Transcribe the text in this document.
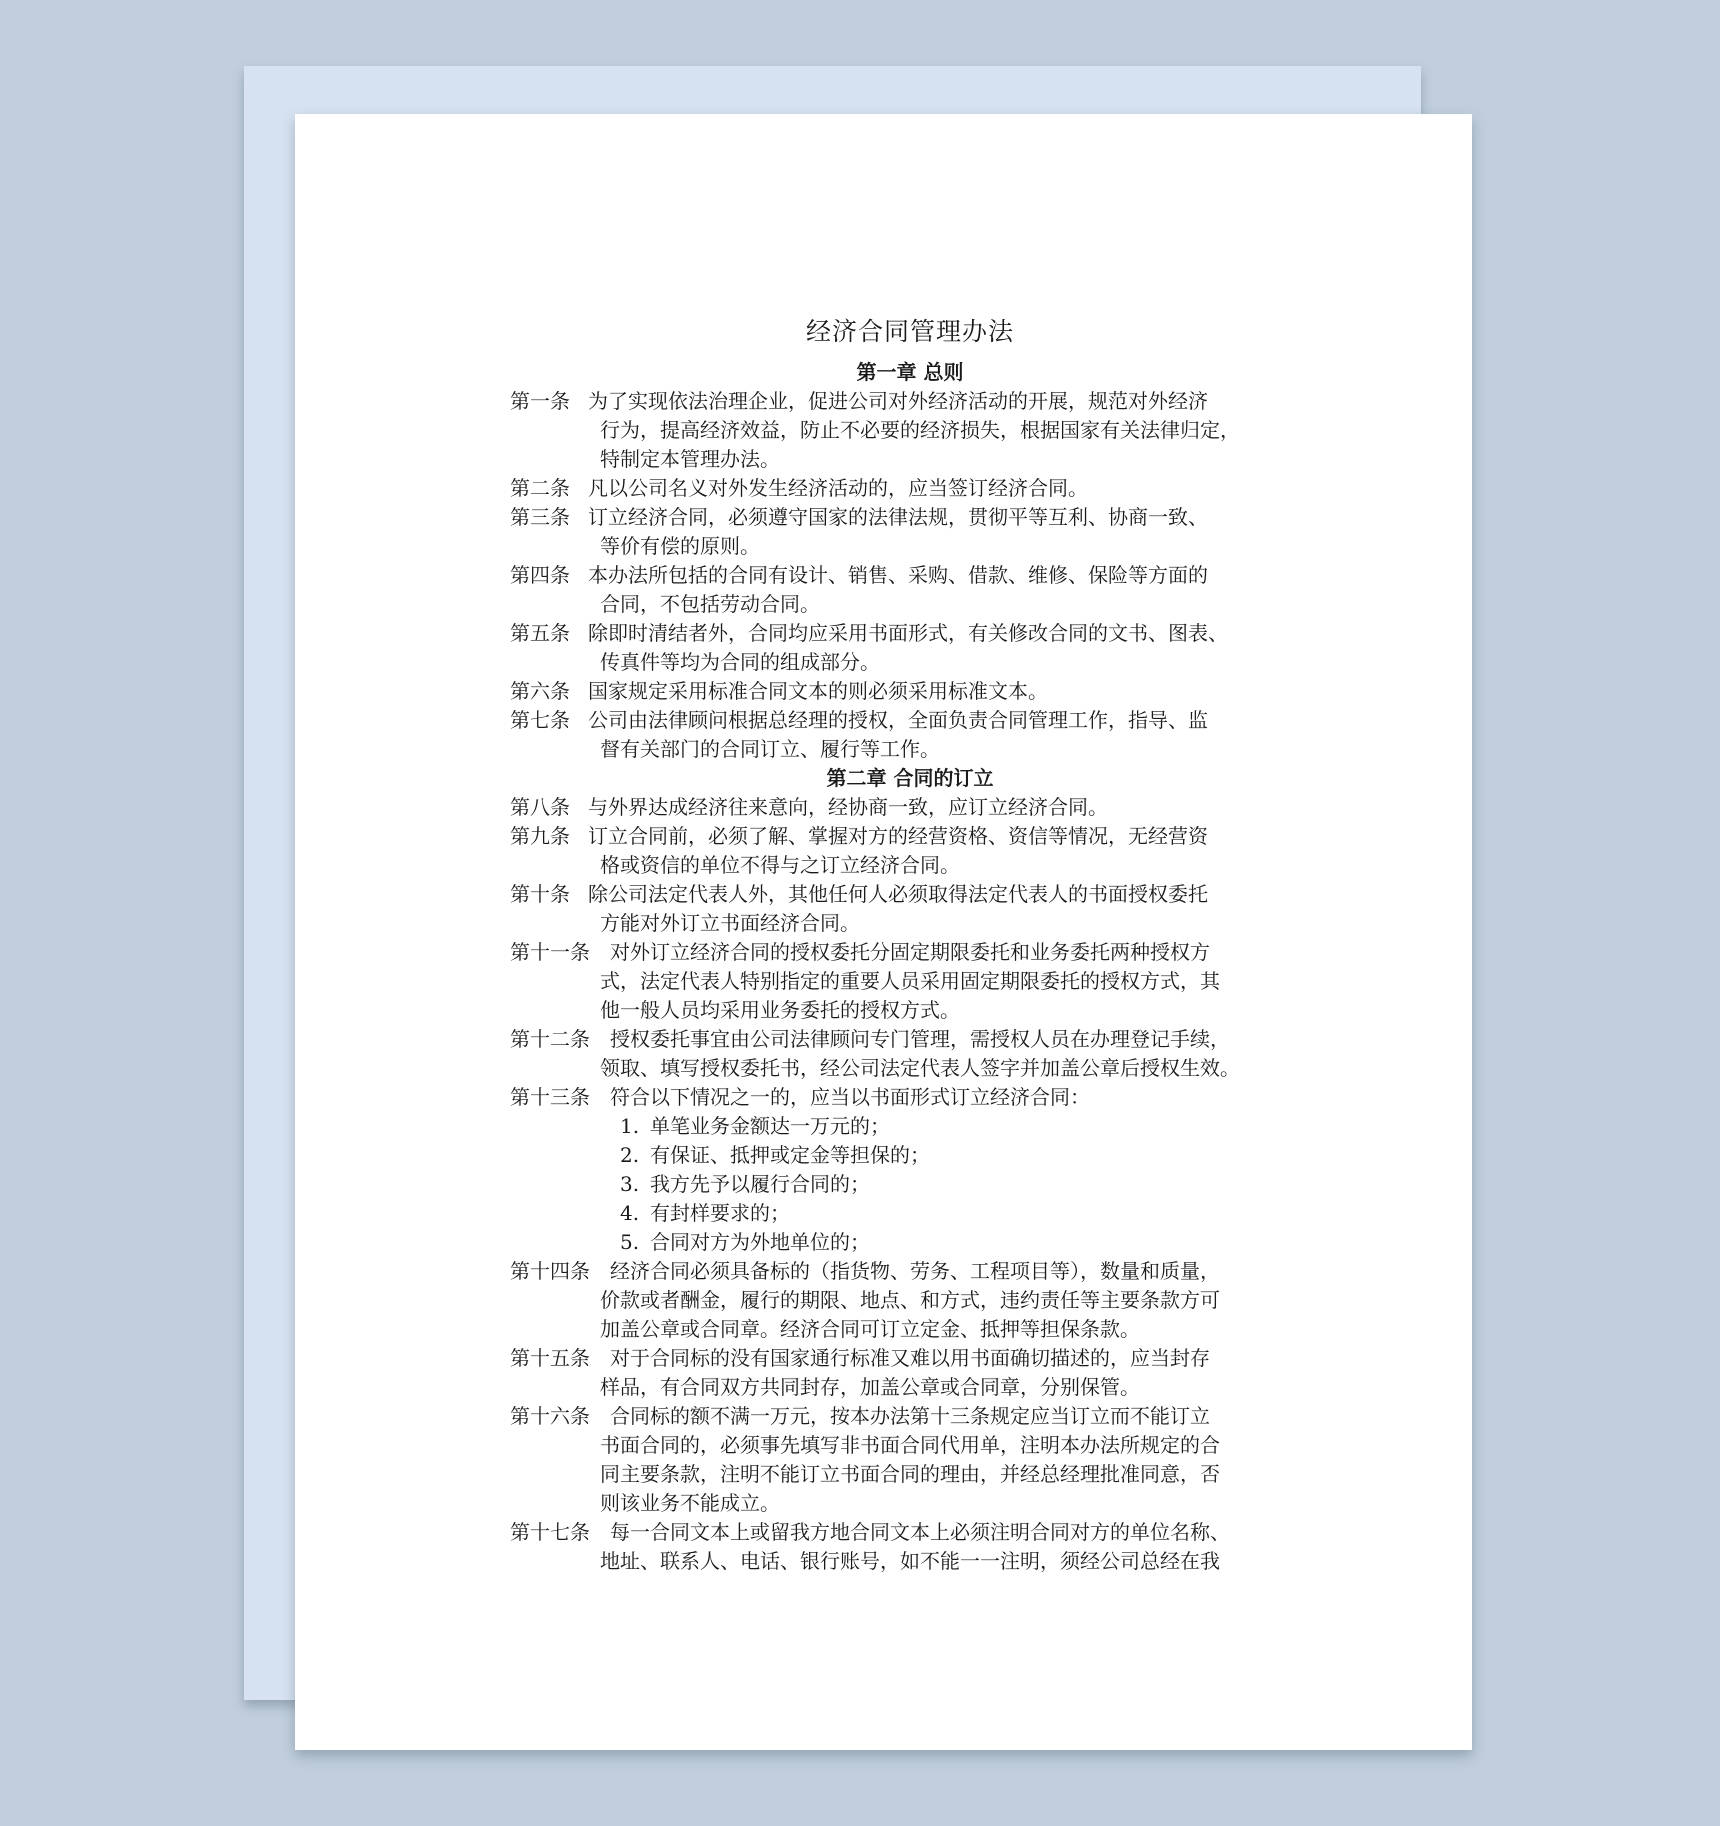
经济合同管理办法
第一章 总则
第一条 为了实现依法治理企业，促进公司对外经济活动的开展，规范对外经济
行为，提高经济效益，防止不必要的经济损失，根据国家有关法律归定，
特制定本管理办法。
第二条 凡以公司名义对外发生经济活动的，应当签订经济合同。
第三条 订立经济合同，必须遵守国家的法律法规，贯彻平等互利、协商一致、
等价有偿的原则。
第四条 本办法所包括的合同有设计、销售、采购、借款、维修、保险等方面的
合同，不包括劳动合同。
第五条 除即时清结者外，合同均应采用书面形式，有关修改合同的文书、图表、
传真件等均为合同的组成部分。
第六条 国家规定采用标准合同文本的则必须采用标准文本。
第七条 公司由法律顾问根据总经理的授权，全面负责合同管理工作，指导、监
督有关部门的合同订立、履行等工作。
第二章 合同的订立
第八条 与外界达成经济往来意向，经协商一致，应订立经济合同。
第九条 订立合同前，必须了解、掌握对方的经营资格、资信等情况，无经营资
格或资信的单位不得与之订立经济合同。
第十条 除公司法定代表人外，其他任何人必须取得法定代表人的书面授权委托
方能对外订立书面经济合同。
第十一条	对外订立经济合同的授权委托分固定期限委托和业务委托两种授权方
式，法定代表人特别指定的重要人员采用固定期限委托的授权方式，其
他一般人员均采用业务委托的授权方式。
第十二条	授权委托事宜由公司法律顾问专门管理，需授权人员在办理登记手续，
领取、填写授权委托书，经公司法定代表人签字并加盖公章后授权生效。
第十三条	符合以下情况之一的，应当以书面形式订立经济合同：
1. 单笔业务金额达一万元的；
2. 有保证、抵押或定金等担保的；
3. 我方先予以履行合同的；
4. 有封样要求的；
5. 合同对方为外地单位的；
第十四条	经济合同必须具备标的（指货物、劳务、工程项目等），数量和质量，
价款或者酬金，履行的期限、地点、和方式，违约责任等主要条款方可
加盖公章或合同章。经济合同可订立定金、抵押等担保条款。
第十五条	对于合同标的没有国家通行标准又难以用书面确切描述的，应当封存
样品，有合同双方共同封存，加盖公章或合同章，分别保管。
第十六条	合同标的额不满一万元，按本办法第十三条规定应当订立而不能订立
书面合同的，必须事先填写非书面合同代用单，注明本办法所规定的合
同主要条款，注明不能订立书面合同的理由，并经总经理批准同意，否
则该业务不能成立。
第十七条	每一合同文本上或留我方地合同文本上必须注明合同对方的单位名称、
地址、联系人、电话、银行账号，如不能一一注明，须经公司总经在我
